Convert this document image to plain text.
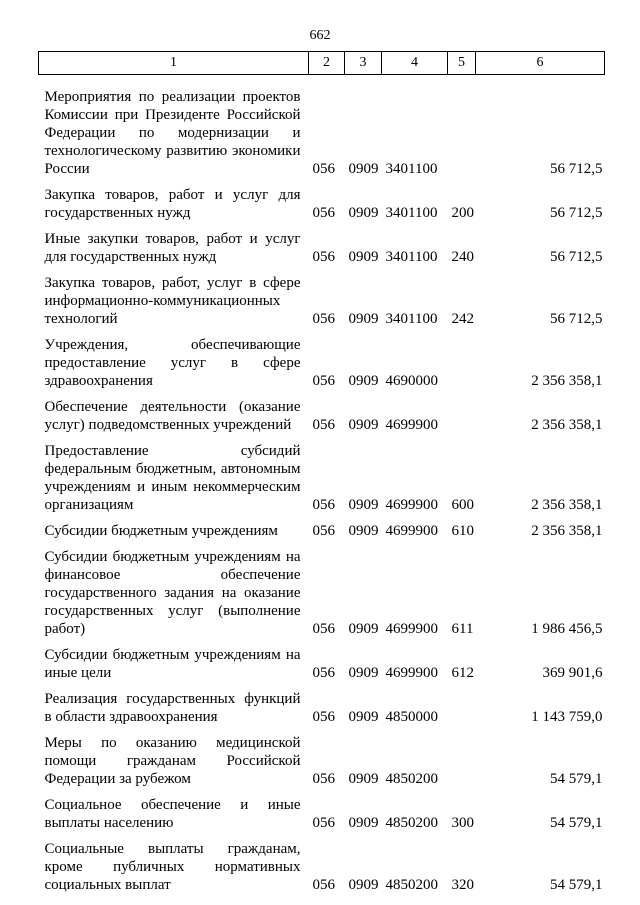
662
1	2	3	4	5	6
Мероприятия по реализации проектов Комиссии при Президенте Российской Федерации по модернизации и технологическому развитию экономики России	056	0909	3401100		56 712,5
Закупка товаров, работ и услуг для государственных нужд	056	0909	3401100	200	56 712,5
Иные закупки товаров, работ и услуг для государственных нужд	056	0909	3401100	240	56 712,5
Закупка товаров, работ, услуг в сфере информационно-коммуникационных технологий	056	0909	3401100	242	56 712,5
Учреждения, обеспечивающие предоставление услуг в сфере здравоохранения	056	0909	4690000		2 356 358,1
Обеспечение деятельности (оказание услуг) подведомственных учреждений	056	0909	4699900		2 356 358,1
Предоставление субсидий федеральным бюджетным, автономным учреждениям и иным некоммерческим организациям	056	0909	4699900	600	2 356 358,1
Субсидии бюджетным учреждениям	056	0909	4699900	610	2 356 358,1
Субсидии бюджетным учреждениям на финансовое обеспечение государственного задания на оказание государственных услуг (выполнение работ)	056	0909	4699900	611	1 986 456,5
Субсидии бюджетным учреждениям на иные цели	056	0909	4699900	612	369 901,6
Реализация государственных функций в области здравоохранения	056	0909	4850000		1 143 759,0
Меры по оказанию медицинской помощи гражданам Российской Федерации за рубежом	056	0909	4850200		54 579,1
Социальное обеспечение и иные выплаты населению	056	0909	4850200	300	54 579,1
Социальные выплаты гражданам, кроме публичных нормативных социальных выплат	056	0909	4850200	320	54 579,1
